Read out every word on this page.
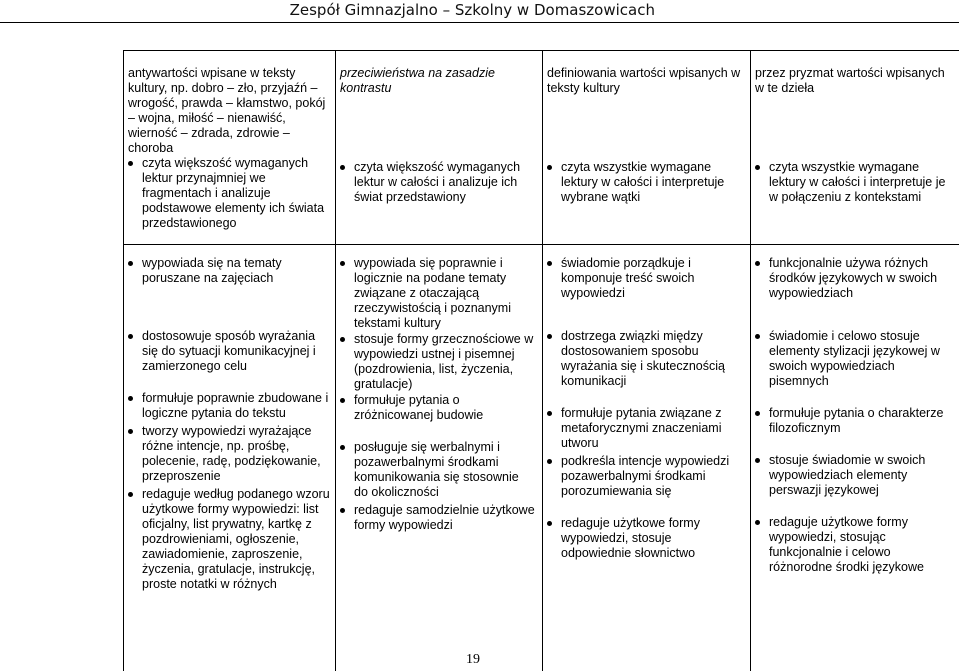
Zespół Gimnazjalno – Szkolny w Domaszowicach

antywartości wpisane w teksty kultury, np. dobro – zło, przyjaźń – wrogość, prawda – kłamstwo, pokój – wojna, miłość – nienawiść, wierność – zdrada, zdrowie –choroba

czyta większość wymaganych lektur przynajmniej we fragmentach i analizuje podstawowe elementy ich świata przedstawionego

przeciwieństwa na zasadzie kontrastu

czyta większość wymaganych lektur w całości i analizuje ich świat przedstawiony

definiowania wartości wpisanych w teksty kultury

czyta wszystkie wymagane lektury w całości i interpretuje wybrane wątki

przez pryzmat wartości wpisanych w te dzieła

czyta wszystkie wymagane lektury w całości i interpretuje je w połączeniu z kontekstami
wypowiada się na tematy poruszane na zajęciach
dostosowuje sposób wyrażania się do sytuacji komunikacyjnej i zamierzonego celu
formułuje poprawnie zbudowane i logiczne pytania do tekstu
tworzy wypowiedzi wyrażające różne intencje, np. prośbę, polecenie, radę, podziękowanie, przeproszenie
redaguje według podanego wzoru użytkowe formy wypowiedzi: list oficjalny, list prywatny, kartkę z pozdrowieniami, ogłoszenie, zawiadomienie, zaproszenie, życzenia, gratulacje, instrukcję, proste notatki w różnych
wypowiada się poprawnie i logicznie na podane tematy związane z otaczającą rzeczywistością i poznanymi tekstami kultury
stosuje formy grzecznościowe w wypowiedzi ustnej i pisemnej (pozdrowienia, list, życzenia, gratulacje)
formułuje pytania o zróżnicowanej budowie
posługuje się werbalnymi i pozawerbalnymi środkami komunikowania się stosownie do okoliczności
redaguje samodzielnie użytkowe formy wypowiedzi
świadomie porządkuje i komponuje treść swoich wypowiedzi
dostrzega związki między dostosowaniem sposobu wyrażania się i skutecznością komunikacji
formułuje pytania związane z metaforycznymi znaczeniami utworu
podkreśla intencje wypowiedzi pozawerbalnymi środkami porozumiewania się
redaguje użytkowe formy wypowiedzi, stosuje odpowiednie słownictwo
funkcjonalnie używa różnych środków językowych w swoich wypowiedziach
świadomie i celowo stosuje elementy stylizacji językowej w swoich wypowiedziach pisemnych
formułuje pytania o charakterze filozoficznym
stosuje świadomie w swoich wypowiedziach elementy perswazji językowej
redaguje użytkowe formy wypowiedzi, stosując funkcjonalnie i celowo różnorodne środki językowe
19
